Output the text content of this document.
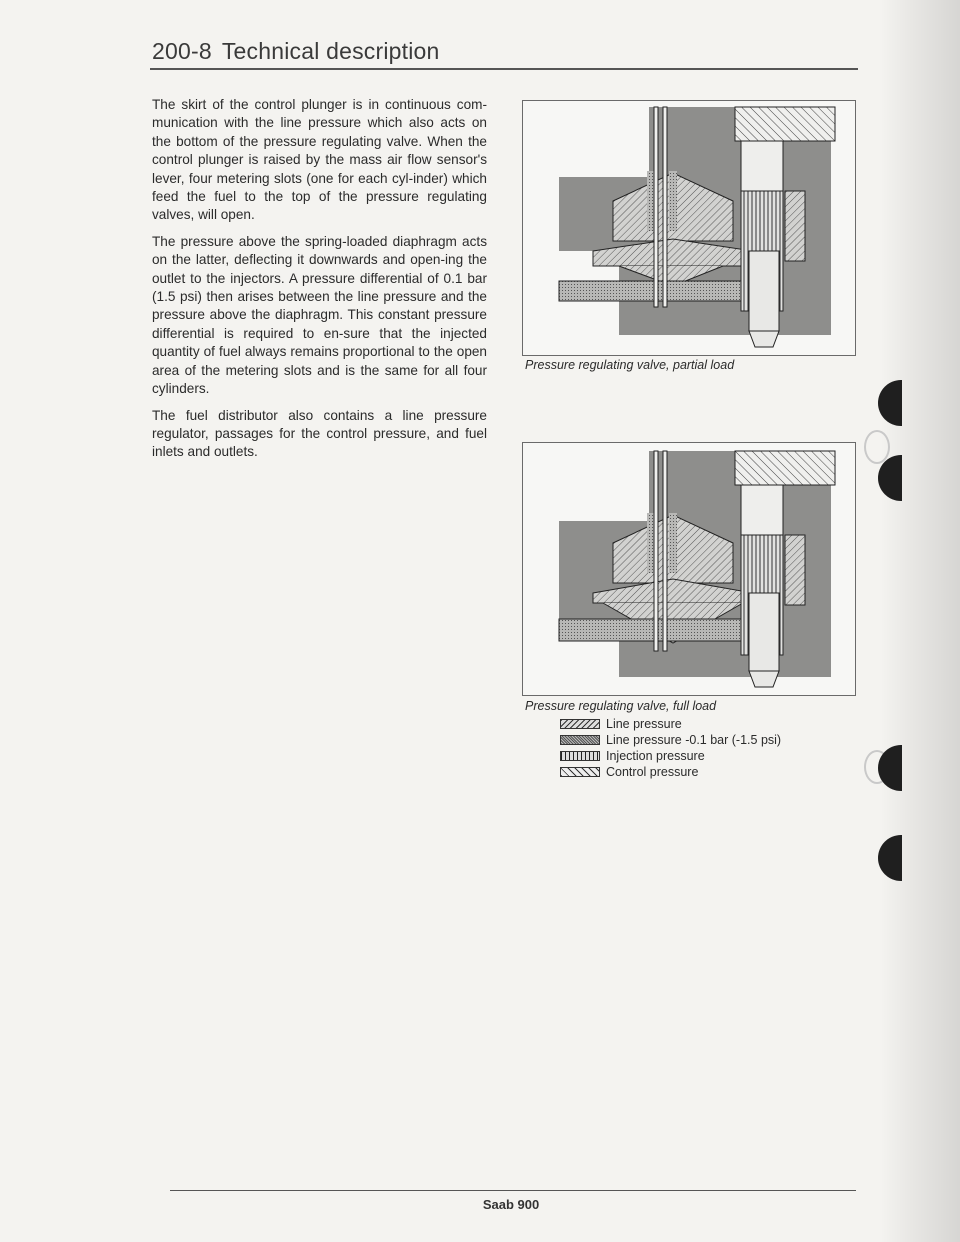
200-8 Technical description

The skirt of the control plunger is in continuous com-munication with the line pressure which also acts on the bottom of the pressure regulating valve. When the control plunger is raised by the mass air flow sensor's lever, four metering slots (one for each cyl-inder) which feed the fuel to the top of the pressure regulating valves, will open.

The pressure above the spring-loaded diaphragm acts on the latter, deflecting it downwards and open-ing the outlet to the injectors. A pressure differential of 0.1 bar (1.5 psi) then arises between the line pressure and the pressure above the diaphragm. This constant pressure differential is required to en-sure that the injected quantity of fuel always remains proportional to the open area of the metering slots and is the same for all four cylinders.

The fuel distributor also contains a line pressure regulator, passages for the control pressure, and fuel inlets and outlets.

Pressure regulating valve, partial load
Pressure regulating valve, full load
Line pressure
Line pressure -0.1 bar (-1.5 psi)
Injection pressure
Control pressure
Saab 900
